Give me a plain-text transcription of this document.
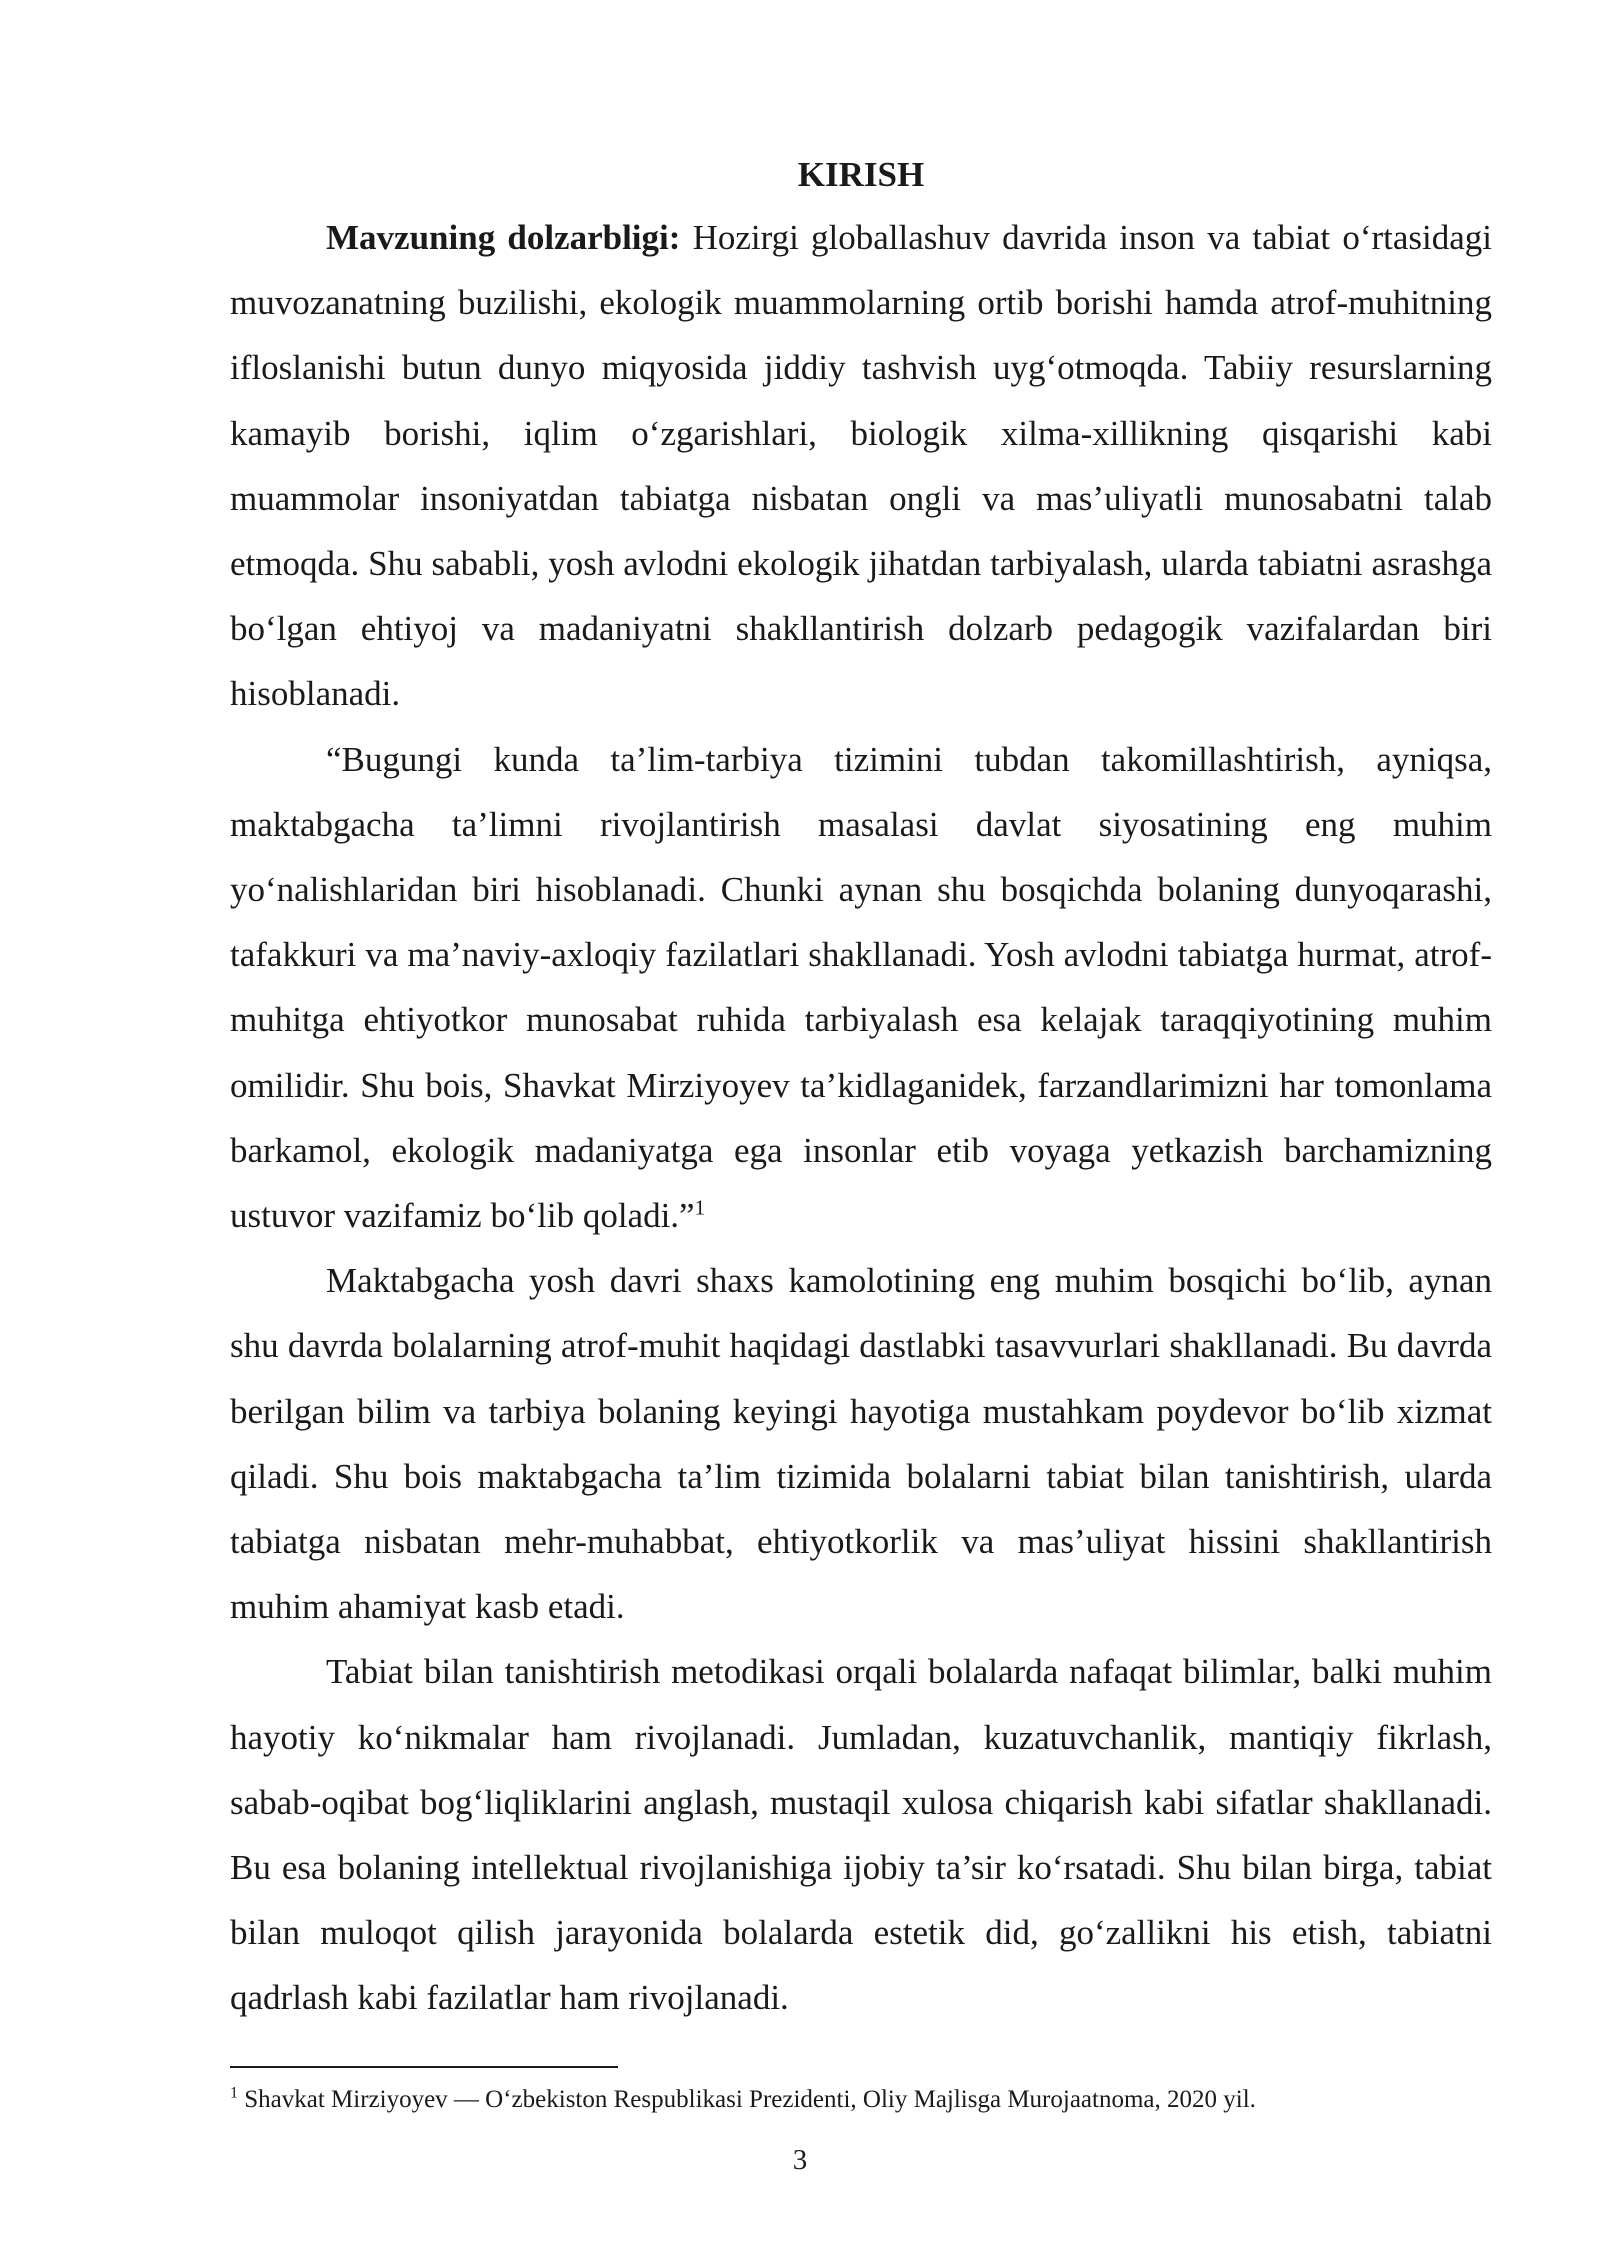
KIRISH

Mavzuning dolzarbligi: Hozirgi globallashuv davrida inson va tabiat o‘rtasidagi muvozanatning buzilishi, ekologik muammolarning ortib borishi hamda atrof-muhitning ifloslanishi butun dunyo miqyosida jiddiy tashvish uyg‘otmoqda. Tabiiy resurslarning kamayib borishi, iqlim o‘zgarishlari, biologik xilma-xillikning qisqarishi kabi muammolar insoniyatdan tabiatga nisbatan ongli va mas’uliyatli munosabatni talab etmoqda. Shu sababli, yosh avlodni ekologik jihatdan tarbiyalash, ularda tabiatni asrashga bo‘lgan ehtiyoj va madaniyatni shakllantirish dolzarb pedagogik vazifalardan biri hisoblanadi.

“Bugungi kunda ta’lim-tarbiya tizimini tubdan takomillashtirish, ayniqsa, maktabgacha ta’limni rivojlantirish masalasi davlat siyosatining eng muhim yo‘nalishlaridan biri hisoblanadi. Chunki aynan shu bosqichda bolaning dunyoqarashi, tafakkuri va ma’naviy-axloqiy fazilatlari shakllanadi. Yosh avlodni tabiatga hurmat, atrof-muhitga ehtiyotkor munosabat ruhida tarbiyalash esa kelajak taraqqiyotining muhim omilidir. Shu bois, Shavkat Mirziyoyev ta’kidlaganidek, farzandlarimizni har tomonlama barkamol, ekologik madaniyatga ega insonlar etib voyaga yetkazish barchamizning ustuvor vazifamiz bo‘lib qoladi.”$^1$

Maktabgacha yosh davri shaxs kamolotining eng muhim bosqichi bo‘lib, aynan shu davrda bolalarning atrof-muhit haqidagi dastlabki tasavvurlari shakllanadi. Bu davrda berilgan bilim va tarbiya bolaning keyingi hayotiga mustahkam poydevor bo‘lib xizmat qiladi. Shu bois maktabgacha ta’lim tizimida bolalarni tabiat bilan tanishtirish, ularda tabiatga nisbatan mehr-muhabbat, ehtiyotkorlik va mas’uliyat hissini shakllantirish muhim ahamiyat kasb etadi.

Tabiat bilan tanishtirish metodikasi orqali bolalarda nafaqat bilimlar, balki muhim hayotiy ko‘nikmalar ham rivojlanadi. Jumladan, kuzatuvchanlik, mantiqiy fikrlash, sabab-oqibat bog‘liqliklarini anglash, mustaqil xulosa chiqarish kabi sifatlar shakllanadi. Bu esa bolaning intellektual rivojlanishiga ijobiy ta’sir ko‘rsatadi. Shu bilan birga, tabiat bilan muloqot qilish jarayonida bolalarda estetik did, go‘zallikni his etish, tabiatni qadrlash kabi fazilatlar ham rivojlanadi.

$^1$ Shavkat Mirziyoyev — O‘zbekiston Respublikasi Prezidenti, Oliy Majlisga Murojaatnoma, 2020 yil.

3
